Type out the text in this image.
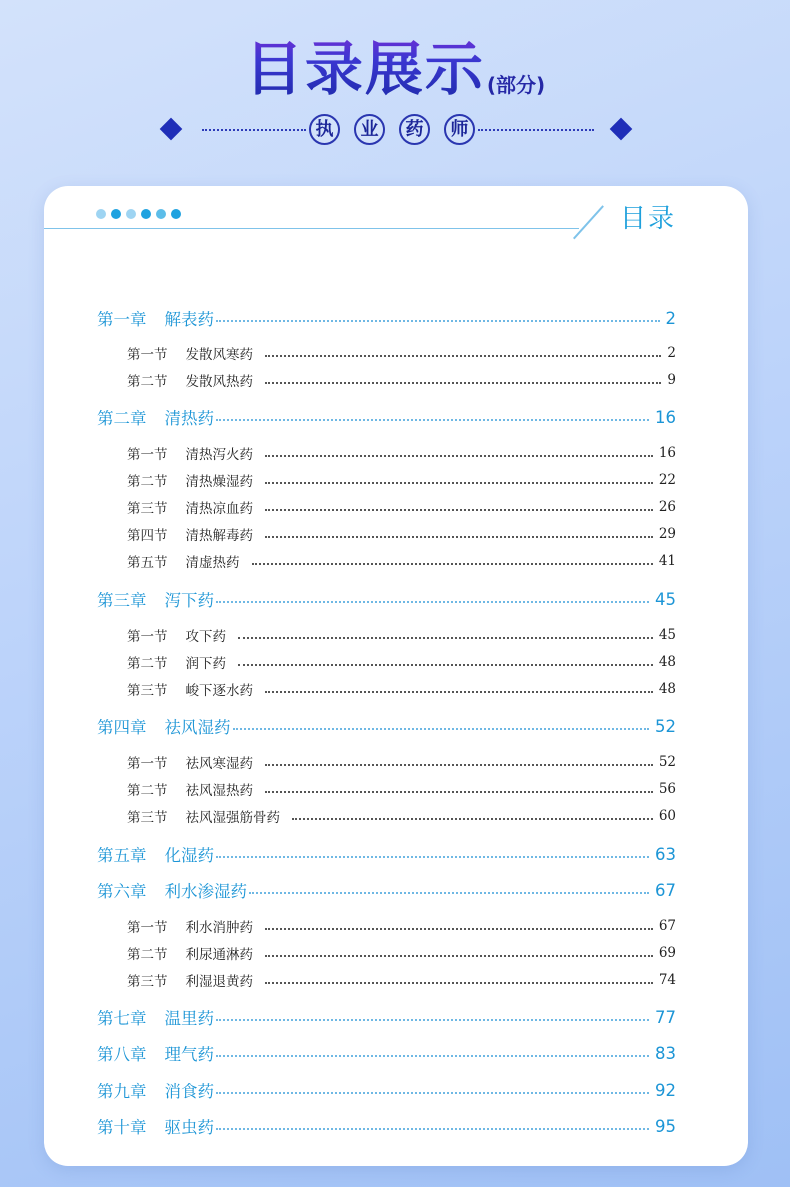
目录展示 (部分)
执	业	药	师
目录
第一章 解表药	2
第一节 发散风寒药	2
第二节 发散风热药	9
第二章 清热药	16
第一节 清热泻火药	16
第二节 清热燥湿药	22
第三节 清热凉血药	26
第四节 清热解毒药	29
第五节 清虚热药	41
第三章 泻下药	45
第一节 攻下药	45
第二节 润下药	48
第三节 峻下逐水药	48
第四章 祛风湿药	52
第一节 祛风寒湿药	52
第二节 祛风湿热药	56
第三节 祛风湿强筋骨药	60
第五章 化湿药	63
第六章 利水渗湿药	67
第一节 利水消肿药	67
第二节 利尿通淋药	69
第三节 利湿退黄药	74
第七章 温里药	77
第八章 理气药	83
第九章 消食药	92
第十章 驱虫药	95
